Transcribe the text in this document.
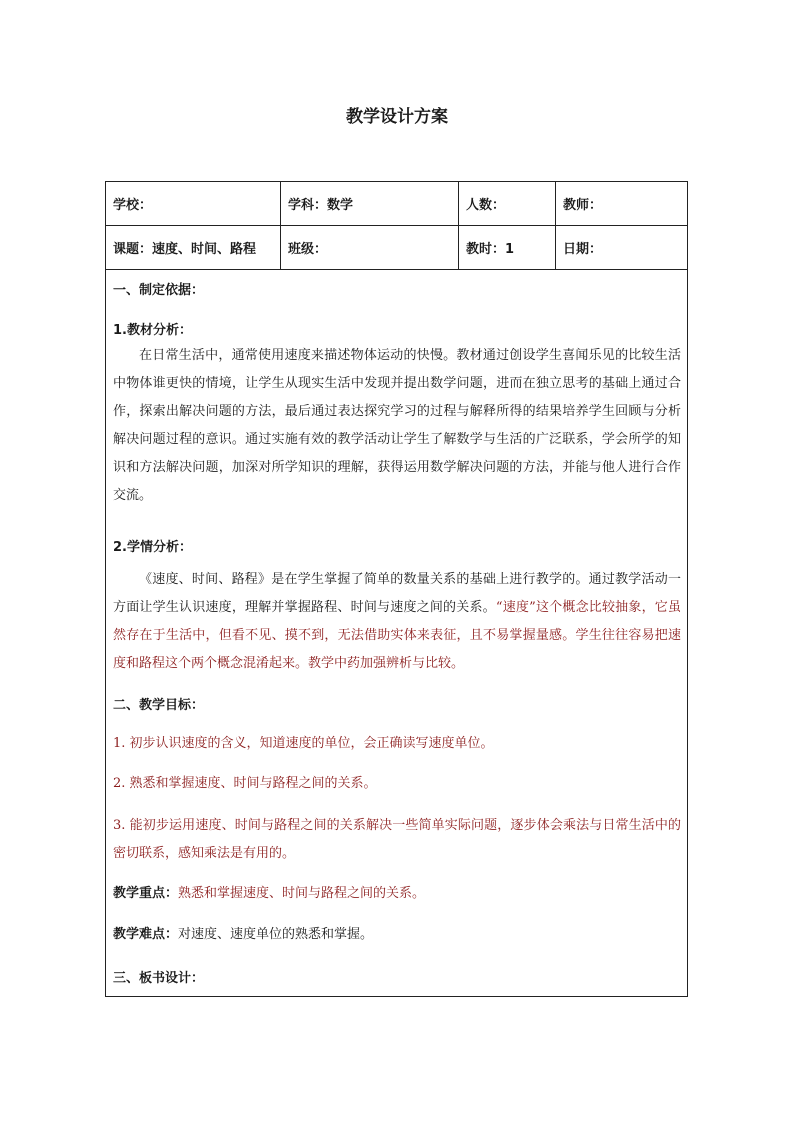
教学设计方案
学校：	学科：数学	人数：	教师：
课题：速度、时间、路程	班级：	教时：1	日期：
一、制定依据：
1.教材分析：
在日常生活中，通常使用速度来描述物体运动的快慢。教材通过创设学生喜闻乐见的比较生活中物体谁更快的情境，让学生从现实生活中发现并提出数学问题，进而在独立思考的基础上通过合作，探索出解决问题的方法，最后通过表达探究学习的过程与解释所得的结果培养学生回顾与分析解决问题过程的意识。通过实施有效的教学活动让学生了解数学与生活的广泛联系，学会所学的知识和方法解决问题，加深对所学知识的理解，获得运用数学解决问题的方法，并能与他人进行合作交流。
2.学情分析：
《速度、时间、路程》是在学生掌握了简单的数量关系的基础上进行教学的。通过教学活动一方面让学生认识速度，理解并掌握路程、时间与速度之间的关系。“速度”这个概念比较抽象，它虽然存在于生活中，但看不见、摸不到，无法借助实体来表征，且不易掌握量感。学生往往容易把速度和路程这个两个概念混淆起来。教学中药加强辨析与比较。
二、教学目标：
1. 初步认识速度的含义，知道速度的单位，会正确读写速度单位。
2. 熟悉和掌握速度、时间与路程之间的关系。
3. 能初步运用速度、时间与路程之间的关系解决一些简单实际问题，逐步体会乘法与日常生活中的密切联系，感知乘法是有用的。
教学重点：熟悉和掌握速度、时间与路程之间的关系。
教学难点：对速度、速度单位的熟悉和掌握。
三、板书设计：
